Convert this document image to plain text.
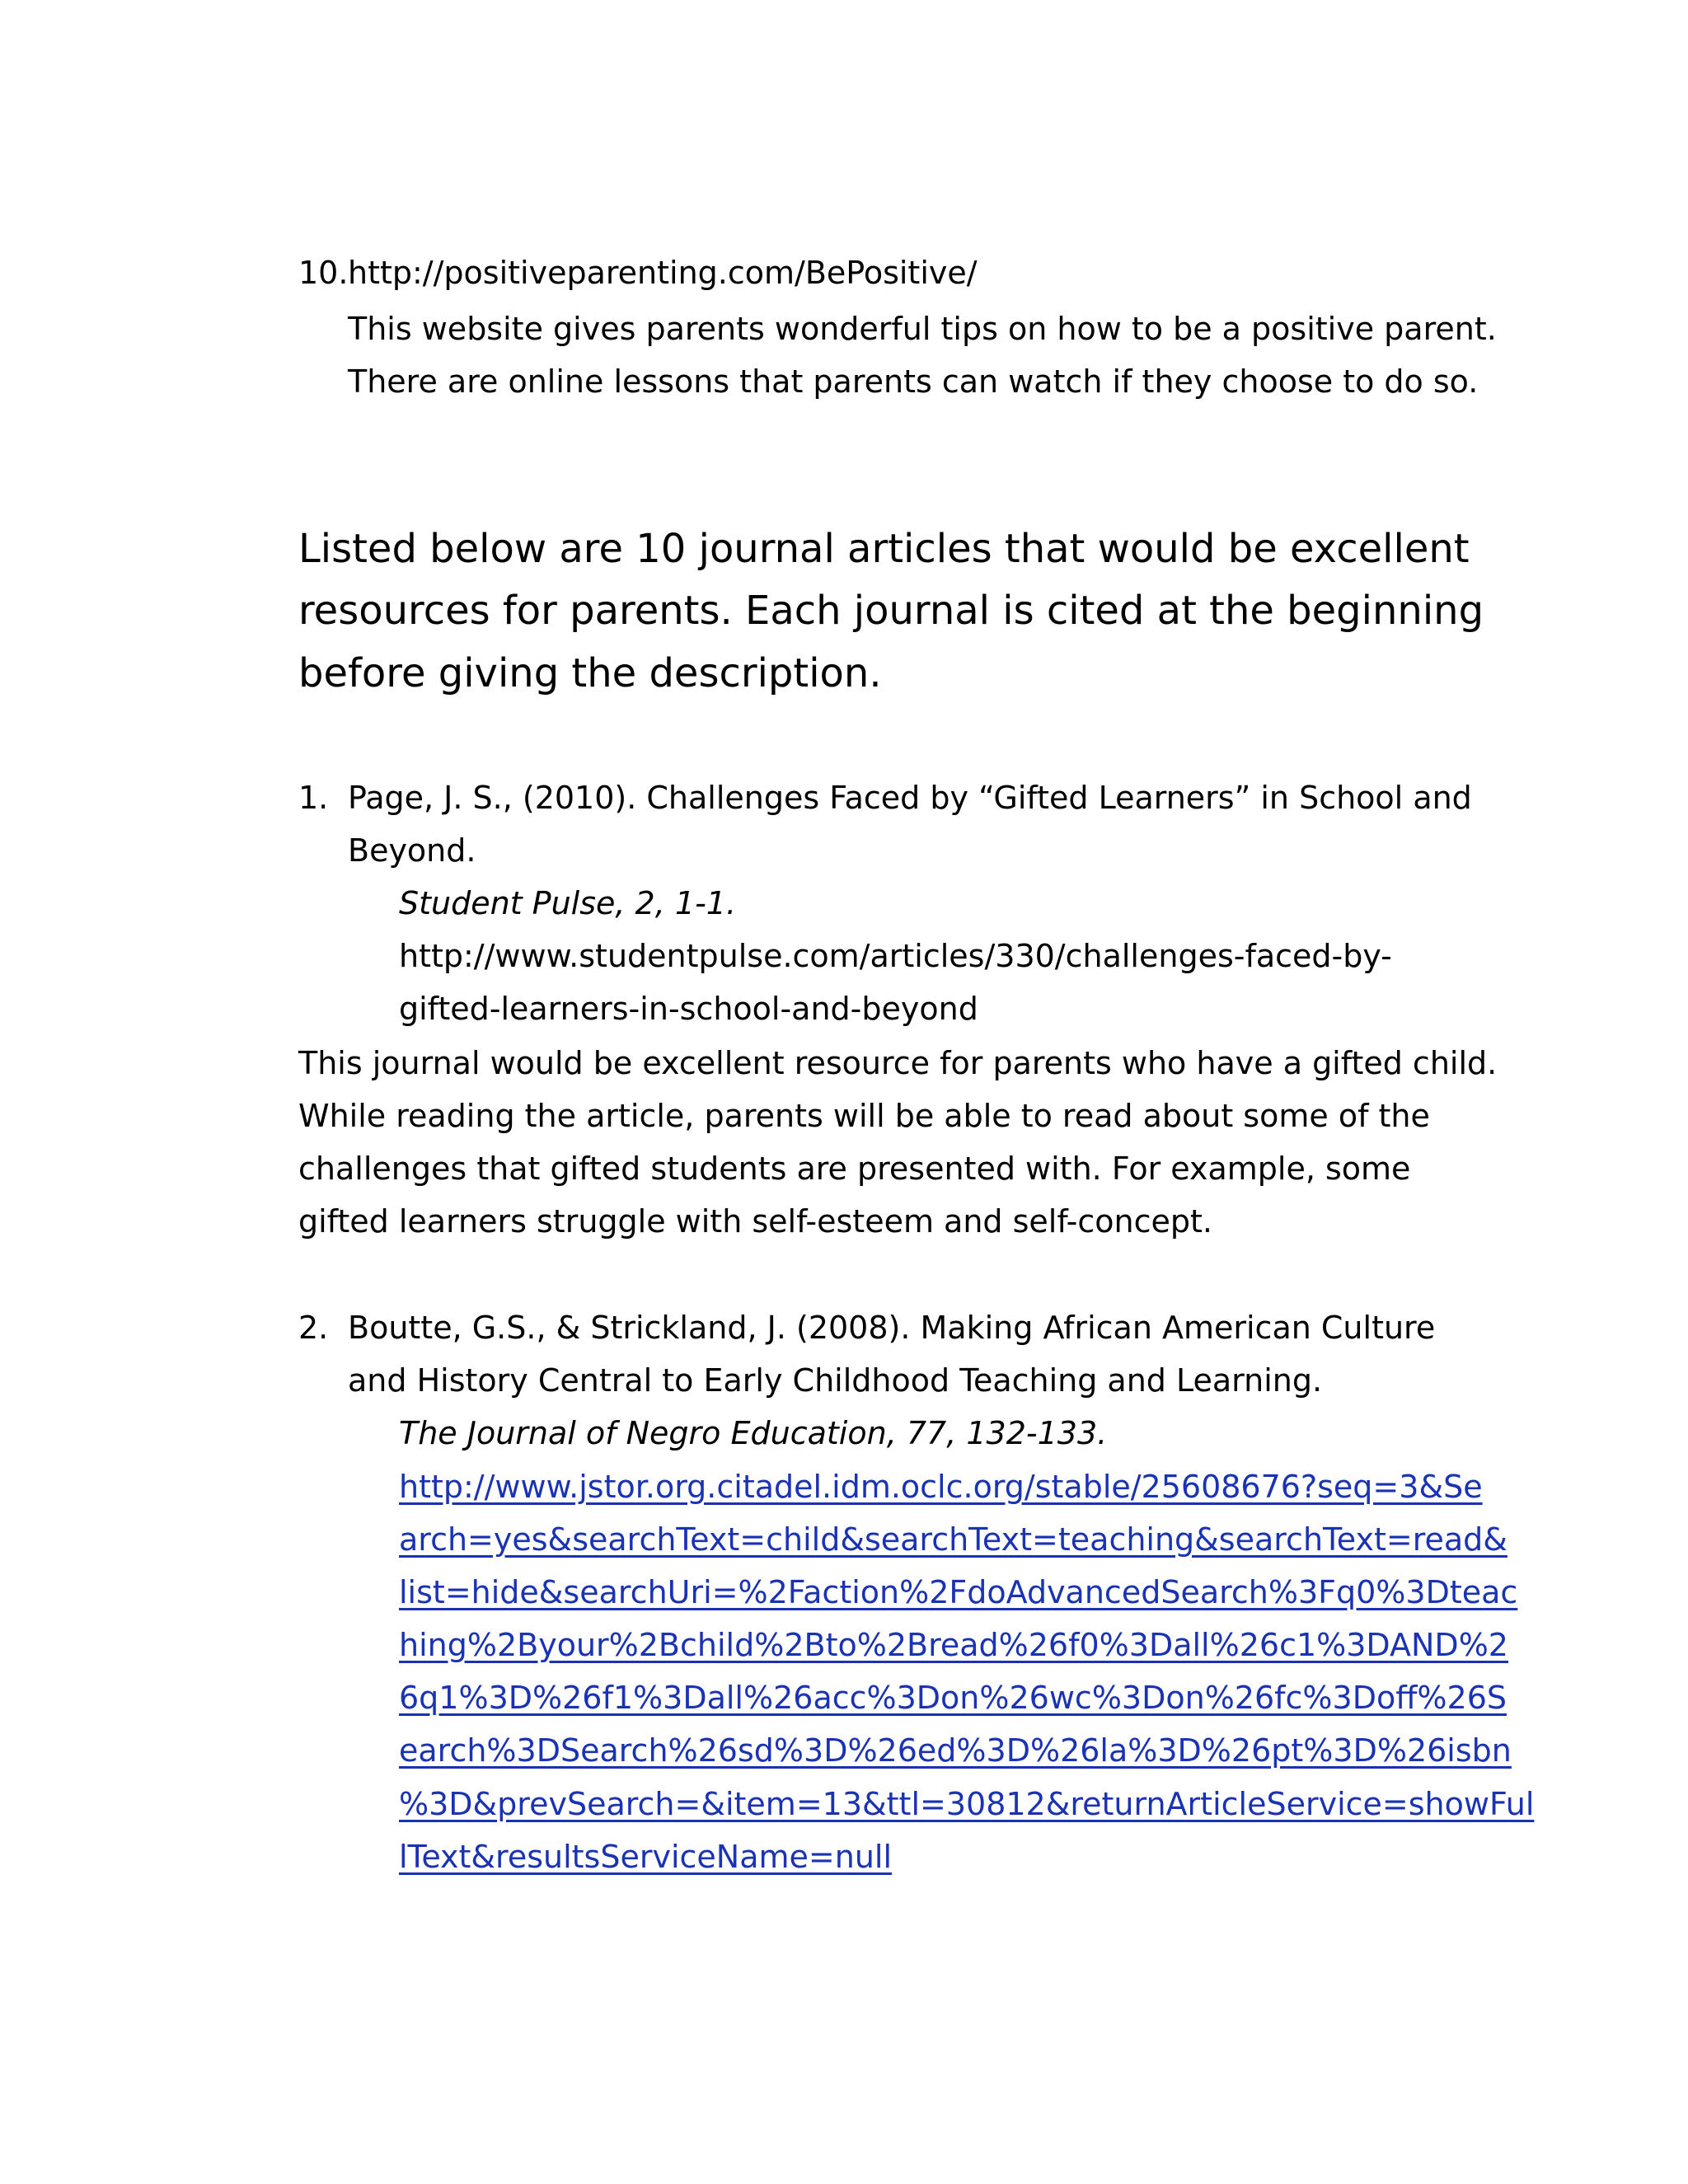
10. http://positiveparenting.com/BePositive/
This website gives parents wonderful tips on how to be a positive parent.
There are online lessons that parents can watch if they choose to do so.
Listed below are 10 journal articles that would be excellent
resources for parents. Each journal is cited at the beginning
before giving the description.
1. Page, J. S., (2010). Challenges Faced by “Gifted Learners” in School and
Beyond.
Student Pulse, 2, 1-1.
http://www.studentpulse.com/articles/330/challenges-faced-by-
gifted-learners-in-school-and-beyond
This journal would be excellent resource for parents who have a gifted child.
While reading the article, parents will be able to read about some of the
challenges that gifted students are presented with. For example, some
gifted learners struggle with self-esteem and self-concept.
2. Boutte, G.S., & Strickland, J. (2008). Making African American Culture
and History Central to Early Childhood Teaching and Learning.
The Journal of Negro Education, 77, 132-133.
http://www.jstor.org.citadel.idm.oclc.org/stable/25608676?seq=3&Se
arch=yes&searchText=child&searchText=teaching&searchText=read&
list=hide&searchUri=%2Faction%2FdoAdvancedSearch%3Fq0%3Dteac
hing%2Byour%2Bchild%2Bto%2Bread%26f0%3Dall%26c1%3DAND%2
6q1%3D%26f1%3Dall%26acc%3Don%26wc%3Don%26fc%3Doff%26S
earch%3DSearch%26sd%3D%26ed%3D%26la%3D%26pt%3D%26isbn
%3D&prevSearch=&item=13&ttl=30812&returnArticleService=showFul
lText&resultsServiceName=null
